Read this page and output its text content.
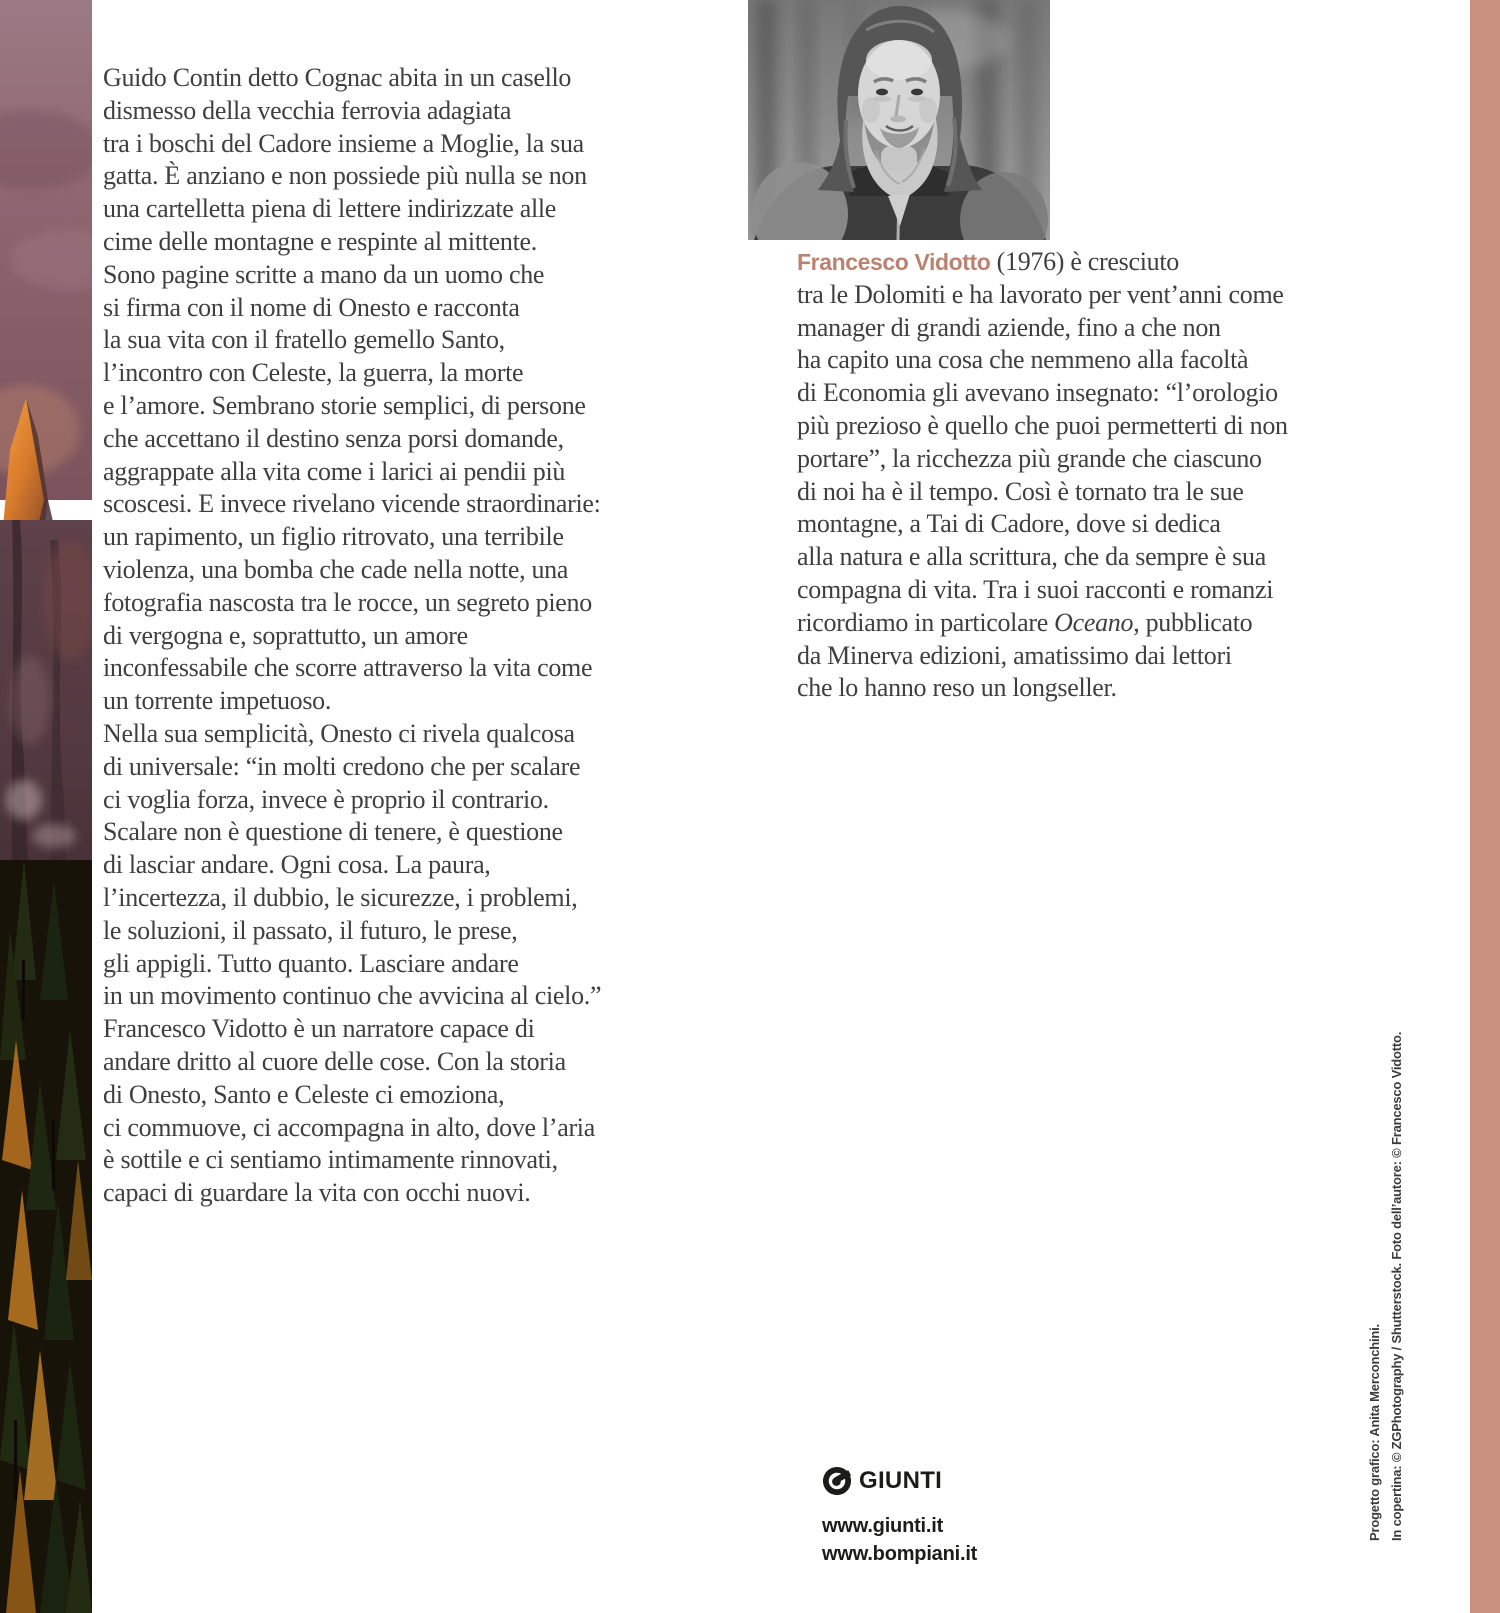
Guido Contin detto Cognac abita in un casello
dismesso della vecchia ferrovia adagiata
tra i boschi del Cadore insieme a Moglie, la sua
gatta. È anziano e non possiede più nulla se non
una cartelletta piena di lettere indirizzate alle
cime delle montagne e respinte al mittente.
Sono pagine scritte a mano da un uomo che
si firma con il nome di Onesto e racconta
la sua vita con il fratello gemello Santo,
l’incontro con Celeste, la guerra, la morte
e l’amore. Sembrano storie semplici, di persone
che accettano il destino senza porsi domande,
aggrappate alla vita come i larici ai pendii più
scoscesi. E invece rivelano vicende straordinarie:
un rapimento, un figlio ritrovato, una terribile
violenza, una bomba che cade nella notte, una
fotografia nascosta tra le rocce, un segreto pieno
di vergogna e, soprattutto, un amore
inconfessabile che scorre attraverso la vita come
un torrente impetuoso.
Nella sua semplicità, Onesto ci rivela qualcosa
di universale: “in molti credono che per scalare
ci voglia forza, invece è proprio il contrario.
Scalare non è questione di tenere, è questione
di lasciar andare. Ogni cosa. La paura,
l’incertezza, il dubbio, le sicurezze, i problemi,
le soluzioni, il passato, il futuro, le prese,
gli appigli. Tutto quanto. Lasciare andare
in un movimento continuo che avvicina al cielo.”
Francesco Vidotto è un narratore capace di
andare dritto al cuore delle cose. Con la storia
di Onesto, Santo e Celeste ci emoziona,
ci commuove, ci accompagna in alto, dove l’aria
è sottile e ci sentiamo intimamente rinnovati,
capaci di guardare la vita con occhi nuovi.
Francesco Vidotto (1976) è cresciuto
tra le Dolomiti e ha lavorato per vent’anni come
manager di grandi aziende, fino a che non
ha capito una cosa che nemmeno alla facoltà
di Economia gli avevano insegnato: “l’orologio
più prezioso è quello che puoi permetterti di non
portare”, la ricchezza più grande che ciascuno
di noi ha è il tempo. Così è tornato tra le sue
montagne, a Tai di Cadore, dove si dedica
alla natura e alla scrittura, che da sempre è sua
compagna di vita. Tra i suoi racconti e romanzi
ricordiamo in particolare Oceano, pubblicato
da Minerva edizioni, amatissimo dai lettori
che lo hanno reso un longseller.
GIUNTI
www.giunti.it
www.bompiani.it
In copertina: © ZGPhotography / Shutterstock. Foto dell’autore: © Francesco Vidotto.
Progetto grafico: Anita Merconchini.
